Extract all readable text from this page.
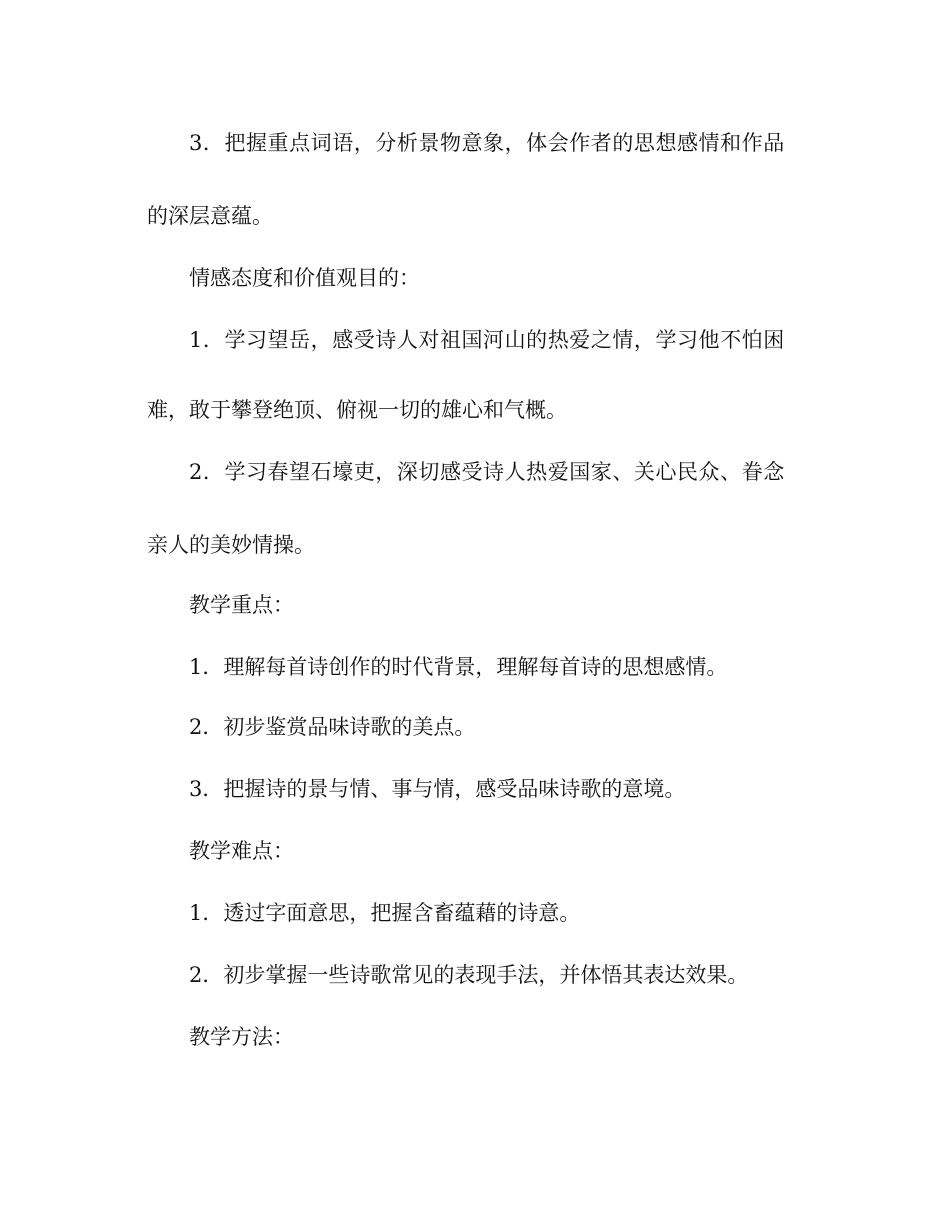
3．把握重点词语，分析景物意象，体会作者的思想感情和作品

的深层意蕴。

情感态度和价值观目的：

1．学习望岳，感受诗人对祖国河山的热爱之情，学习他不怕困

难，敢于攀登绝顶、俯视一切的雄心和气概。

2．学习春望石壕吏，深切感受诗人热爱国家、关心民众、眷念

亲人的美妙情操。

教学重点：

1．理解每首诗创作的时代背景，理解每首诗的思想感情。

2．初步鉴赏品味诗歌的美点。

3．把握诗的景与情、事与情，感受品味诗歌的意境。

教学难点：

1．透过字面意思，把握含畜蕴藉的诗意。

2．初步掌握一些诗歌常见的表现手法，并体悟其表达效果。

教学方法：
